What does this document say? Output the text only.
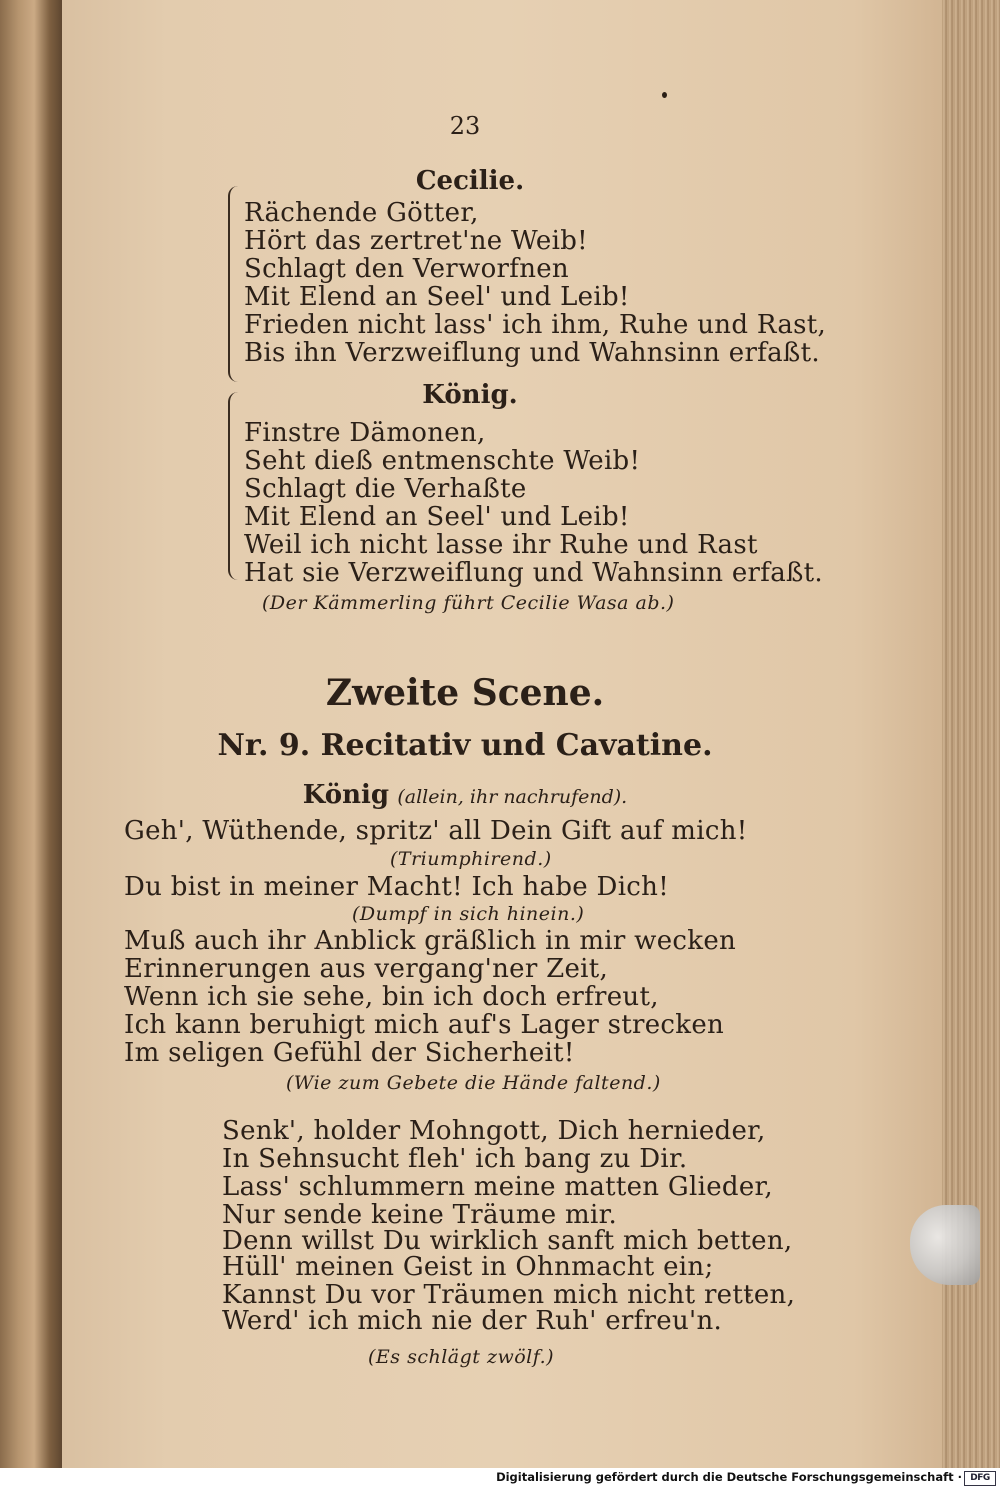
23

Cecilie.

Rächende Götter,

Hört das zertret'ne Weib!

Schlagt den Verworfnen

Mit Elend an Seel' und Leib!

Frieden nicht lass' ich ihm, Ruhe und Rast,

Bis ihn Verzweiflung und Wahnsinn erfaßt.

König.

Finstre Dämonen,

Seht dieß entmenschte Weib!

Schlagt die Verhaßte

Mit Elend an Seel' und Leib!

Weil ich nicht lasse ihr Ruhe und Rast

Hat sie Verzweiflung und Wahnsinn erfaßt.

(Der Kämmerling führt Cecilie Wasa ab.)

Zweite Scene.

Nr. 9. Recitativ und Cavatine.

König (allein, ihr nachrufend).

Geh', Wüthende, spritz' all Dein Gift auf mich!

(Triumphirend.)

Du bist in meiner Macht! Ich habe Dich!

(Dumpf in sich hinein.)

Muß auch ihr Anblick gräßlich in mir wecken

Erinnerungen aus vergang'ner Zeit,

Wenn ich sie sehe, bin ich doch erfreut,

Ich kann beruhigt mich auf's Lager strecken

Im seligen Gefühl der Sicherheit!

(Wie zum Gebete die Hände faltend.)

Senk', holder Mohngott, Dich hernieder,

In Sehnsucht fleh' ich bang zu Dir.

Lass' schlummern meine matten Glieder,

Nur sende keine Träume mir.

Denn willst Du wirklich sanft mich betten,

Hüll' meinen Geist in Ohnmacht ein;

Kannst Du vor Träumen mich nicht retten,

Werd' ich mich nie der Ruh' erfreu'n.

(Es schlägt zwölf.)

Digitalisierung gefördert durch die Deutsche Forschungsgemeinschaft · DFG
